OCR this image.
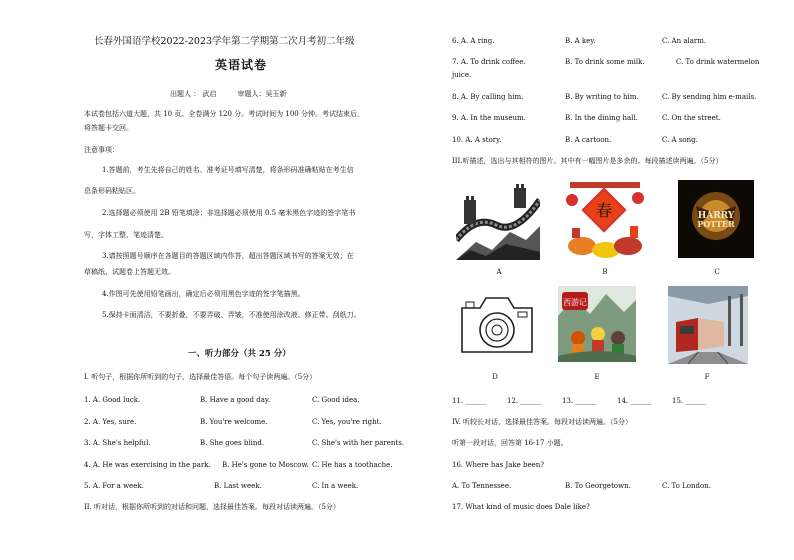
长春外国语学校2022-2023学年第二学期第二次月考初二年级
英语试卷
出题人 ： 武启　　　审题人：吴玉新
本试卷包括六道大题，共 10 页。全卷满分 120 分。考试时间为 100 分钟。考试结束后，
将答题卡交回。
注意事项：
1.答题前，考生先将自己的姓名、准考证号填写清楚，将条形码准确粘贴在考生信
息条形码粘贴区。
2.选择题必须使用 2B 铅笔填涂；非选择题必须使用 0.5 毫米黑色字迹的签字笔书
写，字体工整、笔迹清楚。
3.请按照题号顺序在各题目的答题区域内作答，超出答题区域书写的答案无效；在
草稿纸、试题卷上答题无效。
4.作图可先使用铅笔画出，确定后必须用黑色字迹的签字笔描黑。
5.保持卡面清洁，不要折叠，不要弄破、弄皱，不准使用涂改液、修正带、刮纸刀。
一、听力部分（共 25 分）
I. 听句子，根据你所听到的句子，选择最佳答语。每个句子读两遍。（5分）
1. A. Good luck.	B. Have a good day.	C. Good idea.
2. A. Yes, sure.	B. You're welcome.	C. Yes, you're right.
3. A. She's helpful.	B. She goes blind.	C. She's with her parents.
4. A. He was exercising in the park. B. He's gone to Moscow. C. He has a toothache.
5. A. For a week.	B. Last week.	C. In a week.
II. 听对话，根据你所听到的对话和问题，选择最佳答案。每段对话读两遍。（5分）
6. A. A ring.	B. A key.	C. An alarm.
7. A. To drink coffee.	B. To drink some milk.	C. To drink watermelon
juice.
8. A. By calling him.	B. By writing to him.	C. By sending him e-mails.
9. A. In the museum.	B. In the dining hall.	C. On the street.
10. A. A story.	B. A cartoon.	C. A song.
III.听描述，选出与其相符的图片。其中有一幅图片是多余的。每段描述读两遍。（5分）
A
春
B
HARRY
POTTER
C
D
西游记
E	F
11. ______	12. ______	13. ______	14. ______	15. ______
IV. 听较长对话，选择最佳答案。每段对话读两遍。（5分）
听第一段对话，回答第 16-17 小题。
16. Where has Jake been?
A. To Tennessee.	B. To Georgetown.	C. To London.
17. What kind of music does Dale like?
